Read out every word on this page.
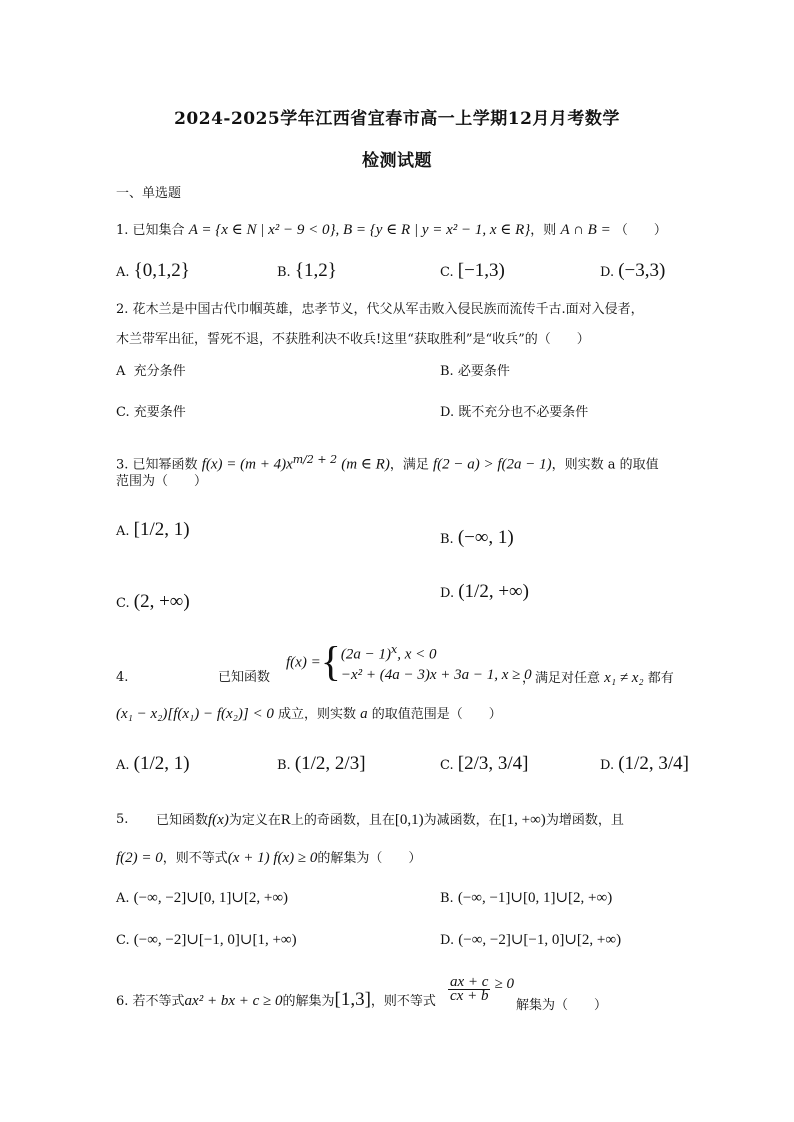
2024-2025学年江西省宜春市高一上学期12月月考数学
检测试题
一、单选题
1. 已知集合 A = {x ∈ N | x² − 9 < 0}, B = {y ∈ R | y = x² − 1, x ∈ R}，则 A ∩ B = （　　）
A. {0,1,2}	B. {1,2}	C. [−1,3)	D. (−3,3)
2. 花木兰是中国古代巾帼英雄，忠孝节义，代父从军击败入侵民族而流传千古.面对入侵者，
木兰带军出征，誓死不退，不获胜利决不收兵!这里“获取胜利”是“收兵”的（　　）
A 充分条件	B. 必要条件
C. 充要条件	D. 既不充分也不必要条件
3. 已知幂函数 $f(x) = (m + 4)x^{m/2 + 2}$ (m ∈ R)，满足 f(2 − a) > f(2a − 1)，则实数 a 的取值
范围为（　　）
A. [1/2, 1)	B. (−∞, 1)
C. (2, +∞)	D. (1/2, +∞)
4.	已知函数
f(x) ={ $(2a - 1)^x$, x < 0
−x² + (4a − 3)x + 3a − 1, x ≥ 0
，满足对任意 x₁ ≠ x₂ 都有
(x₁ − x₂)[f(x₁) − f(x₂)] < 0 成立，则实数 a 的取值范围是（　　）
A. (1/2, 1)	B. (1/2, 2/3]	C. [2/3, 3/4]	D. (1/2, 3/4]
5. 已知函数f(x)为定义在R上的奇函数，且在[0,1)为减函数，在[1, +∞)为增函数，且
f(2) = 0，则不等式(x + 1) f(x) ≥ 0的解集为（　　）
A. (−∞, −2]∪[0, 1]∪[2, +∞)	B. (−∞, −1]∪[0, 1]∪[2, +∞)
C. (−∞, −2]∪[−1, 0]∪[1, +∞)	D. (−∞, −2]∪[−1, 0]∪[2, +∞)
6. 若不等式ax² + bx + c ≥ 0的解集为[1,3]，则不等式 $\frac{ax + c}{cx + b} \ge 0$
解集为（　　）
